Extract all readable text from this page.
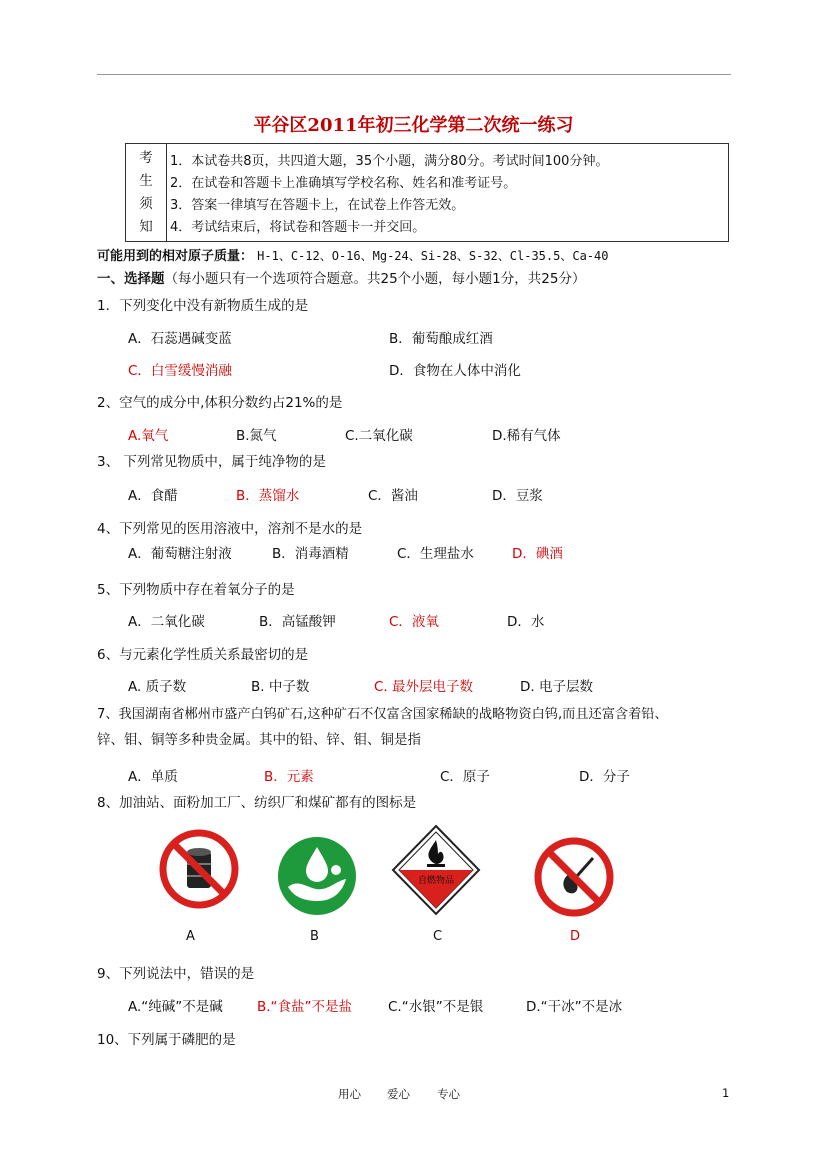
平谷区2011年初三化学第二次统一练习
考
生
须
知
1．本试卷共8页，共四道大题，35个小题，满分80分。考试时间100分钟。
2．在试卷和答题卡上准确填写学校名称、姓名和准考证号。
3．答案一律填写在答题卡上，在试卷上作答无效。
4．考试结束后，将试卷和答题卡一并交回。
可能用到的相对原子质量： H-1、C-12、O-16、Mg-24、Si-28、S-32、Cl-35.5、Ca-40
一、选择题（每小题只有一个选项符合题意。共25个小题，每小题1分，共25分）
1．下列变化中没有新物质生成的是
A．石蕊遇碱变蓝	B．葡萄酿成红酒
C．白雪缓慢消融	D．食物在人体中消化
2、空气的成分中,体积分数约占21%的是
A.氧气	B.氮气	C.二氧化碳	D.稀有气体
3、 下列常见物质中，属于纯净物的是
A．食醋	B．蒸馏水	C．酱油	D．豆浆
4、下列常见的医用溶液中，溶剂不是水的是
A．葡萄糖注射液	B．消毒酒精	C．生理盐水	D．碘酒
5、下列物质中存在着氧分子的是
A．二氧化碳	B．高锰酸钾	C．液氧	D．水
6、与元素化学性质关系最密切的是
A. 质子数	B. 中子数	C. 最外层电子数	D. 电子层数
7、我国湖南省郴州市盛产白钨矿石,这种矿石不仅富含国家稀缺的战略物资白钨,而且还富含着铅、
锌、钼、铜等多种贵金属。其中的铅、锌、钼、铜是指
A．单质	B．元素	C．原子	D．分子
8、加油站、面粉加工厂、纺织厂和煤矿都有的图标是
A	B
自燃物品
C	D
9、下列说法中，错误的是
A.“纯碱”不是碱	B.“食盐”不是盐	C.“水银”不是银	D.“干冰”不是冰
10、下列属于磷肥的是
用心 爱心 专心	1
